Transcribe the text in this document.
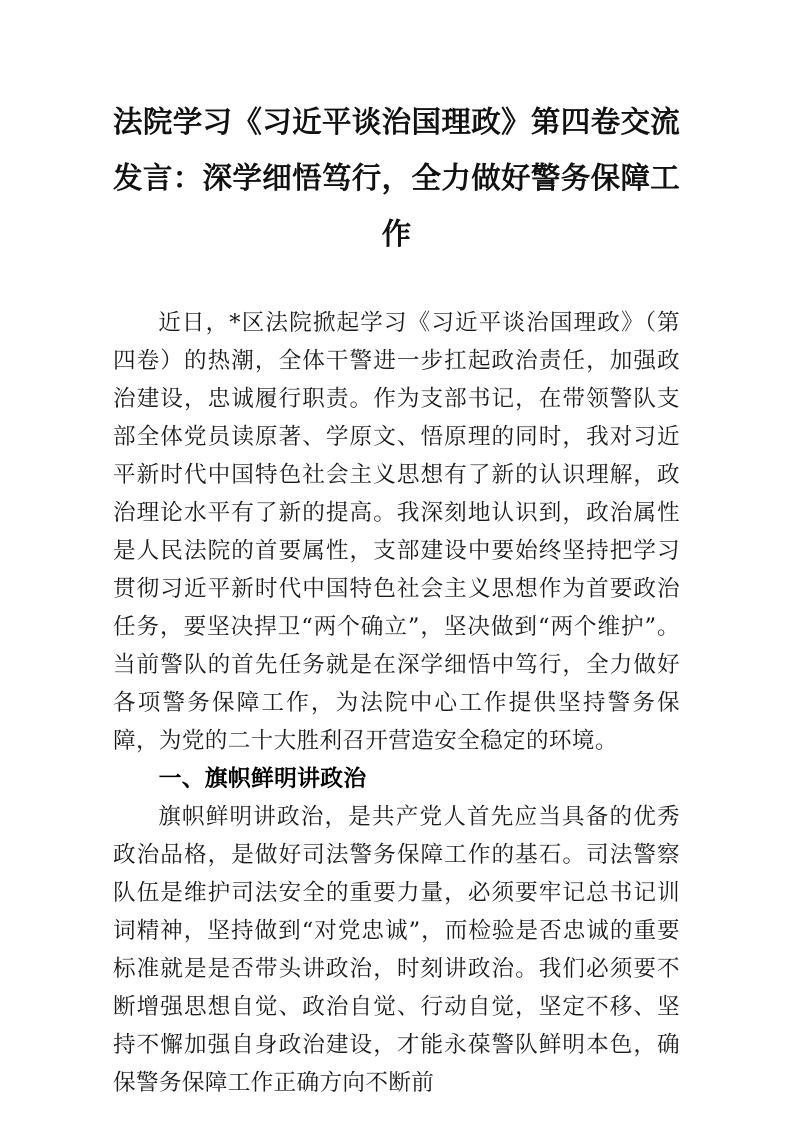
法院学习《习近平谈治国理政》第四卷交流
发言：深学细悟笃行，全力做好警务保障工
作

近日，*区法院掀起学习《习近平谈治国理政》（第四卷）的热潮，全体干警进一步扛起政治责任，加强政治建设，忠诚履行职责。作为支部书记，在带领警队支部全体党员读原著、学原文、悟原理的同时，我对习近平新时代中国特色社会主义思想有了新的认识理解，政治理论水平有了新的提高。我深刻地认识到，政治属性是人民法院的首要属性，支部建设中要始终坚持把学习贯彻习近平新时代中国特色社会主义思想作为首要政治任务，要坚决捍卫“两个确立”，坚决做到“两个维护”。当前警队的首先任务就是在深学细悟中笃行，全力做好各项警务保障工作，为法院中心工作提供坚持警务保障，为党的二十大胜利召开营造安全稳定的环境。

一、旗帜鲜明讲政治

旗帜鲜明讲政治，是共产党人首先应当具备的优秀政治品格，是做好司法警务保障工作的基石。司法警察队伍是维护司法安全的重要力量，必须要牢记总书记训词精神，坚持做到“对党忠诚”，而检验是否忠诚的重要标准就是是否带头讲政治，时刻讲政治。我们必须要不断增强思想自觉、政治自觉、行动自觉，坚定不移、坚持不懈加强自身政治建设，才能永葆警队鲜明本色，确保警务保障工作正确方向不断前
